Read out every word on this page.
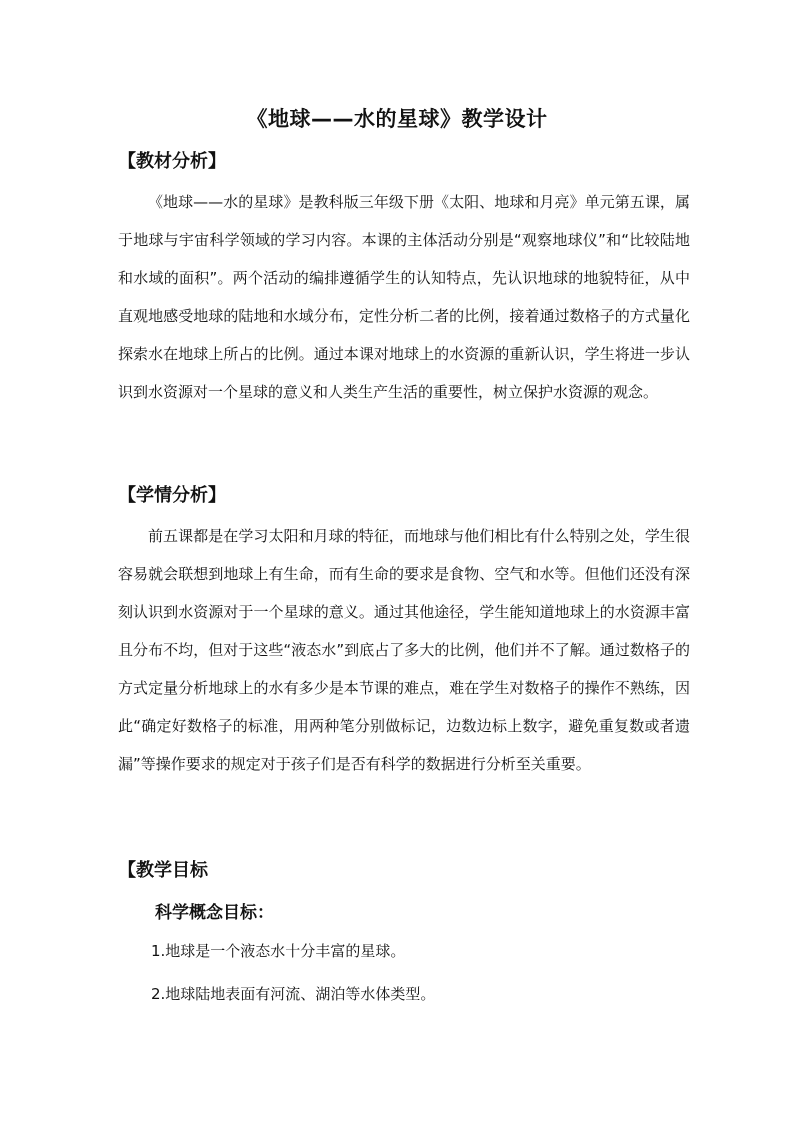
《地球——水的星球》教学设计
【教材分析】

《地球——水的星球》是教科版三年级下册《太阳、地球和月亮》单元第五课，属于地球与宇宙科学领域的学习内容。本课的主体活动分别是“观察地球仪”和“比较陆地和水域的面积”。两个活动的编排遵循学生的认知特点，先认识地球的地貌特征，从中直观地感受地球的陆地和水域分布，定性分析二者的比例，接着通过数格子的方式量化探索水在地球上所占的比例。通过本课对地球上的水资源的重新认识，学生将进一步认识到水资源对一个星球的意义和人类生产生活的重要性，树立保护水资源的观念。

【学情分析】

前五课都是在学习太阳和月球的特征，而地球与他们相比有什么特别之处，学生很容易就会联想到地球上有生命，而有生命的要求是食物、空气和水等。但他们还没有深刻认识到水资源对于一个星球的意义。通过其他途径，学生能知道地球上的水资源丰富且分布不均，但对于这些“液态水”到底占了多大的比例，他们并不了解。通过数格子的方式定量分析地球上的水有多少是本节课的难点，难在学生对数格子的操作不熟练，因此“确定好数格子的标准，用两种笔分别做标记，边数边标上数字，避免重复数或者遗漏”等操作要求的规定对于孩子们是否有科学的数据进行分析至关重要。

【教学目标
科学概念目标：
1.地球是一个液态水十分丰富的星球。
2.地球陆地表面有河流、湖泊等水体类型。
